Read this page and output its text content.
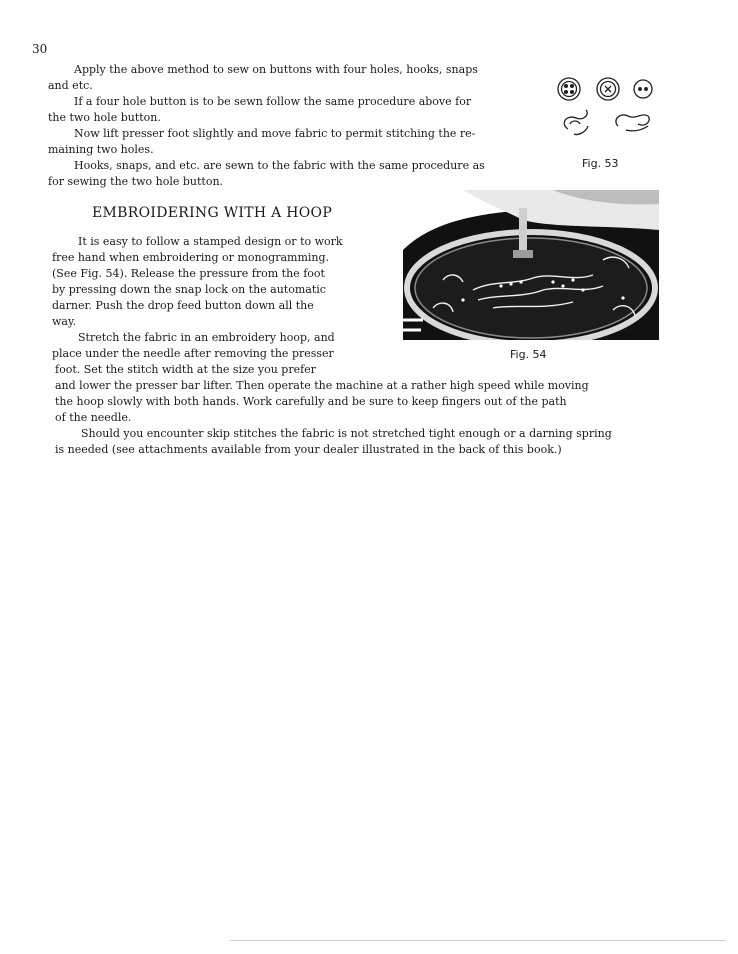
30
Apply the above method to sew on buttons with four holes, hooks, snaps
and etc.
If a four hole button is to be sewn follow the same procedure above for
the two hole button.
Now lift presser foot slightly and move fabric to permit stitching the re-
maining two holes.
Hooks, snaps, and etc. are sewn to the fabric with the same procedure as
for sewing the two hole button.
Fig. 53
EMBROIDERING WITH A HOOP
It is easy to follow a stamped design or to work
free hand when embroidering or monogramming.
(See Fig. 54). Release the pressure from the foot
by pressing down the snap lock on the automatic
darner. Push the drop feed button down all the
way.
Stretch the fabric in an embroidery hoop, and
place under the needle after removing the presser	Fig. 54
foot. Set the stitch width at the size you prefer
and lower the presser bar lifter. Then operate the machine at a rather high speed while moving
the hoop slowly with both hands. Work carefully and be sure to keep fingers out of the path
of the needle.
Should you encounter skip stitches the fabric is not stretched tight enough or a darning spring
is needed (see attachments available from your dealer illustrated in the back of this book.)
